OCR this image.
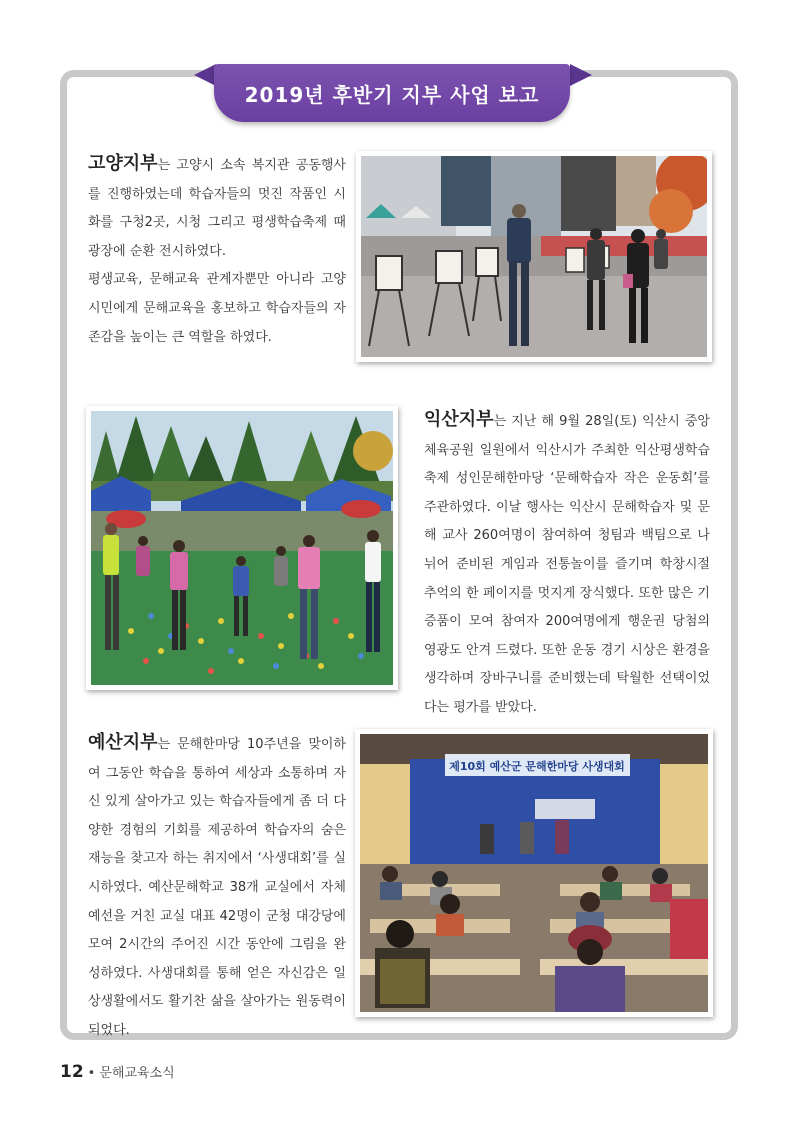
2019년 후반기 지부 사업 보고
고양지부는 고양시 소속 복지관 공동행사를 진행하였는데 학습자들의 멋진 작품인 시화를 구청2곳, 시청 그리고 평생학습축제 때 광장에 순환 전시하였다.
평생교육, 문해교육 관계자뿐만 아니라 고양 시민에게 문해교육을 홍보하고 학습자들의 자존감을 높이는 큰 역할을 하였다.
익산지부는 지난 해 9월 28일(토) 익산시 중앙 체육공원 일원에서 익산시가 주최한 익산평생학습 축제 성인문해한마당 ‘문해학습자 작은 운동회’를 주관하였다. 이날 행사는 익산시 문해학습자 및 문해 교사 260여명이 참여하여 청팀과 백팀으로 나뉘어 준비된 게임과 전통놀이를 즐기며 학창시절 추억의 한 페이지를 멋지게 장식했다. 또한 많은 기증품이 모여 참여자 200여명에게 행운권 당첨의 영광도 안겨 드렸다. 또한 운동 경기 시상은 환경을 생각하며 장바구니를 준비했는데 탁월한 선택이었다는 평가를 받았다.
예산지부는 문해한마당 10주년을 맞이하여 그동안 학습을 통하여 세상과 소통하며 자신 있게 살아가고 있는 학습자들에게 좀 더 다양한 경험의 기회를 제공하여 학습자의 숨은 재능을 찾고자 하는 취지에서 ‘사생대회’를 실시하였다. 예산문해학교 38개 교실에서 자체 예선을 거친 교실 대표 42명이 군청 대강당에 모여 2시간의 주어진 시간 동안에 그림을 완성하였다. 사생대회를 통해 얻은 자신감은 일상생활에서도 활기찬 삶을 살아가는 원동력이 되었다.
제10회 예산군 문해한마당 사생대회
12 • 문해교육소식
